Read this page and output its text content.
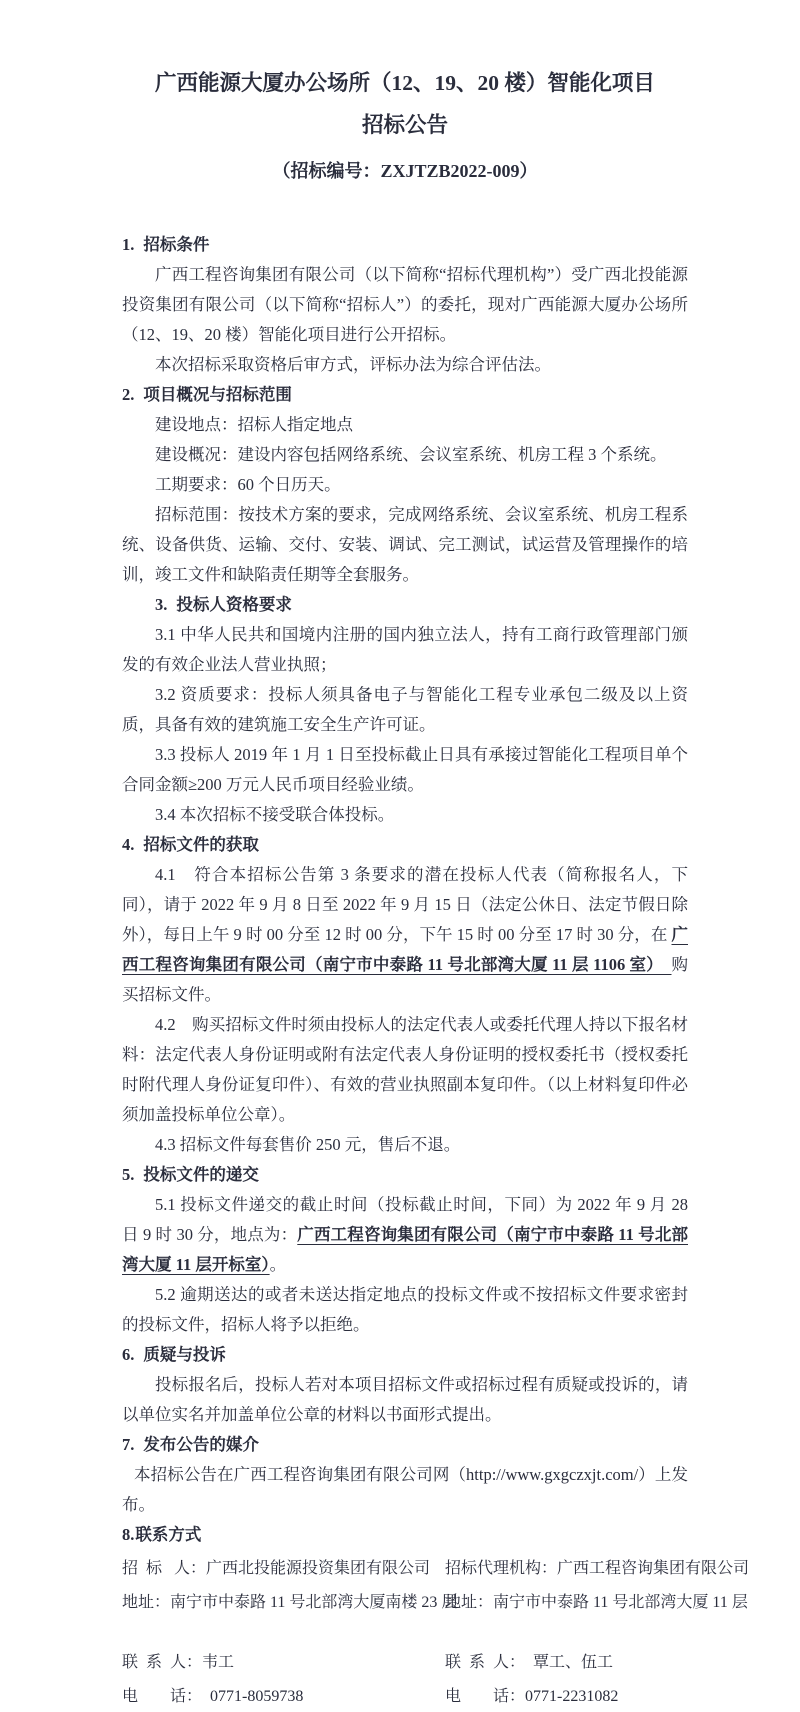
广西能源大厦办公场所（12、19、20 楼）智能化项目
招标公告
（招标编号：ZXJTZB2022-009）
1. 招标条件

广西工程咨询集团有限公司（以下简称“招标代理机构”）受广西北投能源投资集团有限公司（以下简称“招标人”）的委托，现对广西能源大厦办公场所（12、19、20 楼）智能化项目进行公开招标。

本次招标采取资格后审方式，评标办法为综合评估法。

2. 项目概况与招标范围

建设地点：招标人指定地点

建设概况：建设内容包括网络系统、会议室系统、机房工程 3 个系统。

工期要求：60 个日历天。

招标范围：按技术方案的要求，完成网络系统、会议室系统、机房工程系统、设备供货、运输、交付、安装、调试、完工测试，试运营及管理操作的培训，竣工文件和缺陷责任期等全套服务。

3. 投标人资格要求

3.1 中华人民共和国境内注册的国内独立法人，持有工商行政管理部门颁发的有效企业法人营业执照；

3.2 资质要求：投标人须具备电子与智能化工程专业承包二级及以上资质，具备有效的建筑施工安全生产许可证。

3.3 投标人 2019 年 1 月 1 日至投标截止日具有承接过智能化工程项目单个合同金额≥200 万元人民币项目经验业绩。

3.4 本次招标不接受联合体投标。

4. 招标文件的获取

4.1　符合本招标公告第 3 条要求的潜在投标人代表（简称报名人，下同），请于 2022 年 9 月 8 日至 2022 年 9 月 15 日（法定公休日、法定节假日除外），每日上午 9 时 00 分至 12 时 00 分，下午 15 时 00 分至 17 时 30 分，在 广西工程咨询集团有限公司（南宁市中泰路 11 号北部湾大厦 11 层 1106 室）　购买招标文件。

4.2　购买招标文件时须由投标人的法定代表人或委托代理人持以下报名材料：法定代表人身份证明或附有法定代表人身份证明的授权委托书（授权委托时附代理人身份证复印件）、有效的营业执照副本复印件。（以上材料复印件必须加盖投标单位公章）。

4.3 招标文件每套售价 250 元，售后不退。

5. 投标文件的递交

5.1 投标文件递交的截止时间（投标截止时间，下同）为 2022 年 9 月 28 日 9 时 30 分，地点为：广西工程咨询集团有限公司（南宁市中泰路 11 号北部湾大厦 11 层开标室）。

5.2 逾期送达的或者未送达指定地点的投标文件或不按招标文件要求密封的投标文件，招标人将予以拒绝。

6. 质疑与投诉

投标报名后，投标人若对本项目招标文件或招标过程有质疑或投诉的，请以单位实名并加盖单位公章的材料以书面形式提出。

7. 发布公告的媒介

本招标公告在广西工程咨询集团有限公司网（http://www.gxgczxjt.com/）上发布。

8.联系方式
招 标  人：广西北投能源投资集团有限公司 招标代理机构：广西工程咨询集团有限公司
地址：南宁市中泰路 11 号北部湾大厦南楼 23 层
地址：南宁市中泰路 11 号北部湾大厦 11 层
联 系 人：韦工	联 系 人： 覃工、伍工
电    话： 0771-8059738	电    话：0771-2231082
